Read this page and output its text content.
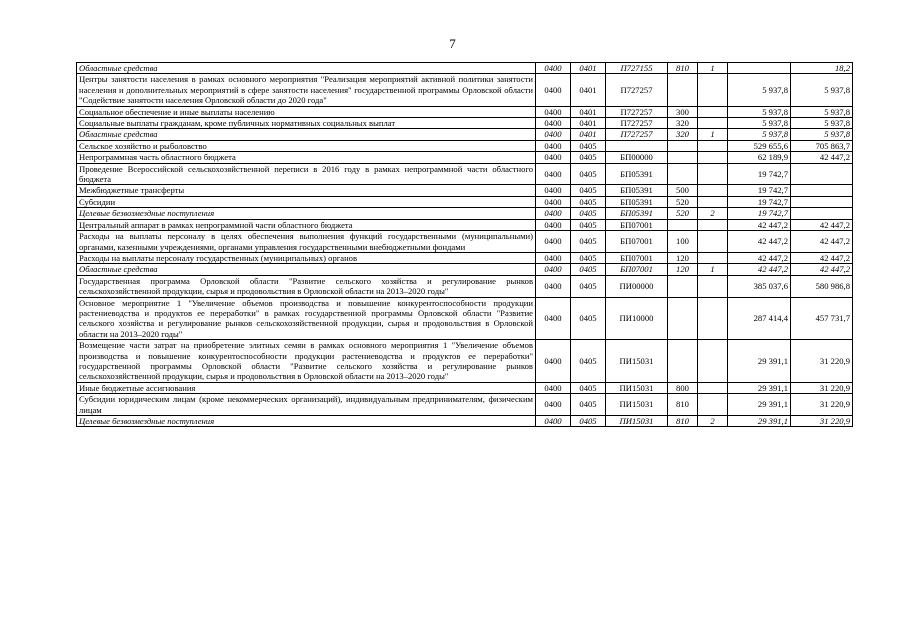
7
Областные средства	0400	0401	П727155	810	1		18,2
Центры занятости населения в рамках основного мероприятия "Реализация мероприятий активной политики занятости населения и дополнительных мероприятий в сфере занятости населения" государственной программы Орловской области "Содействие занятости населения Орловской области до 2020 года"	0400	0401	П727257			5 937,8	5 937,8
Социальное обеспечение и иные выплаты населению	0400	0401	П727257	300		5 937,8	5 937,8
Социальные выплаты гражданам, кроме публичных нормативных социальных выплат	0400	0401	П727257	320		5 937,8	5 937,8
Областные средства	0400	0401	П727257	320	1	5 937,8	5 937,8
Сельское хозяйство и рыболовство	0400	0405				529 655,6	705 863,7
Непрограммная часть областного бюджета	0400	0405	БП00000			62 189,9	42 447,2
Проведение Всероссийской сельскохозяйственной переписи в 2016 году в рамках непрограммной части областного бюджета	0400	0405	БП05391			19 742,7	
Межбюджетные трансферты	0400	0405	БП05391	500		19 742,7	
Субсидии	0400	0405	БП05391	520		19 742,7	
Целевые безвозмездные поступления	0400	0405	БП05391	520	2	19 742,7	
Центральный аппарат в рамках непрограммной части областного бюджета	0400	0405	БП07001			42 447,2	42 447,2
Расходы на выплаты персоналу в целях обеспечения выполнения функций государственными (муниципальными) органами, казенными учреждениями, органами управления государственными внебюджетными фондами	0400	0405	БП07001	100		42 447,2	42 447,2
Расходы на выплаты персоналу государственных (муниципальных) органов	0400	0405	БП07001	120		42 447,2	42 447,2
Областные средства	0400	0405	БП07001	120	1	42 447,2	42 447,2
Государственная программа Орловской области "Развитие сельского хозяйства и регулирование рынков сельскохозяйственной продукции, сырья и продовольствия в Орловской области на 2013–2020 годы"	0400	0405	ПИ00000			385 037,6	580 986,8
Основное мероприятие 1 "Увеличение объемов производства и повышение конкурентоспособности продукции растениеводства и продуктов ее переработки" в рамках государственной программы Орловской области "Развитие сельского хозяйства и регулирование рынков сельскохозяйственной продукции, сырья и продовольствия в Орловской области на 2013–2020 годы"	0400	0405	ПИ10000			287 414,4	457 731,7
Возмещение части затрат на приобретение элитных семян в рамках основного мероприятия 1 "Увеличение объемов производства и повышение конкурентоспособности продукции растениеводства и продуктов ее переработки" государственной программы Орловской области "Развитие сельского хозяйства и регулирование рынков сельскохозяйственной продукции, сырья и продовольствия в Орловской области на 2013–2020 годы"	0400	0405	ПИ15031			29 391,1	31 220,9
Иные бюджетные ассигнования	0400	0405	ПИ15031	800		29 391,1	31 220,9
Субсидии юридическим лицам (кроме некоммерческих организаций), индивидуальным предпринимателям, физическим лицам	0400	0405	ПИ15031	810		29 391,1	31 220,9
Целевые безвозмездные поступления	0400	0405	ПИ15031	810	2	29 391,1	31 220,9
